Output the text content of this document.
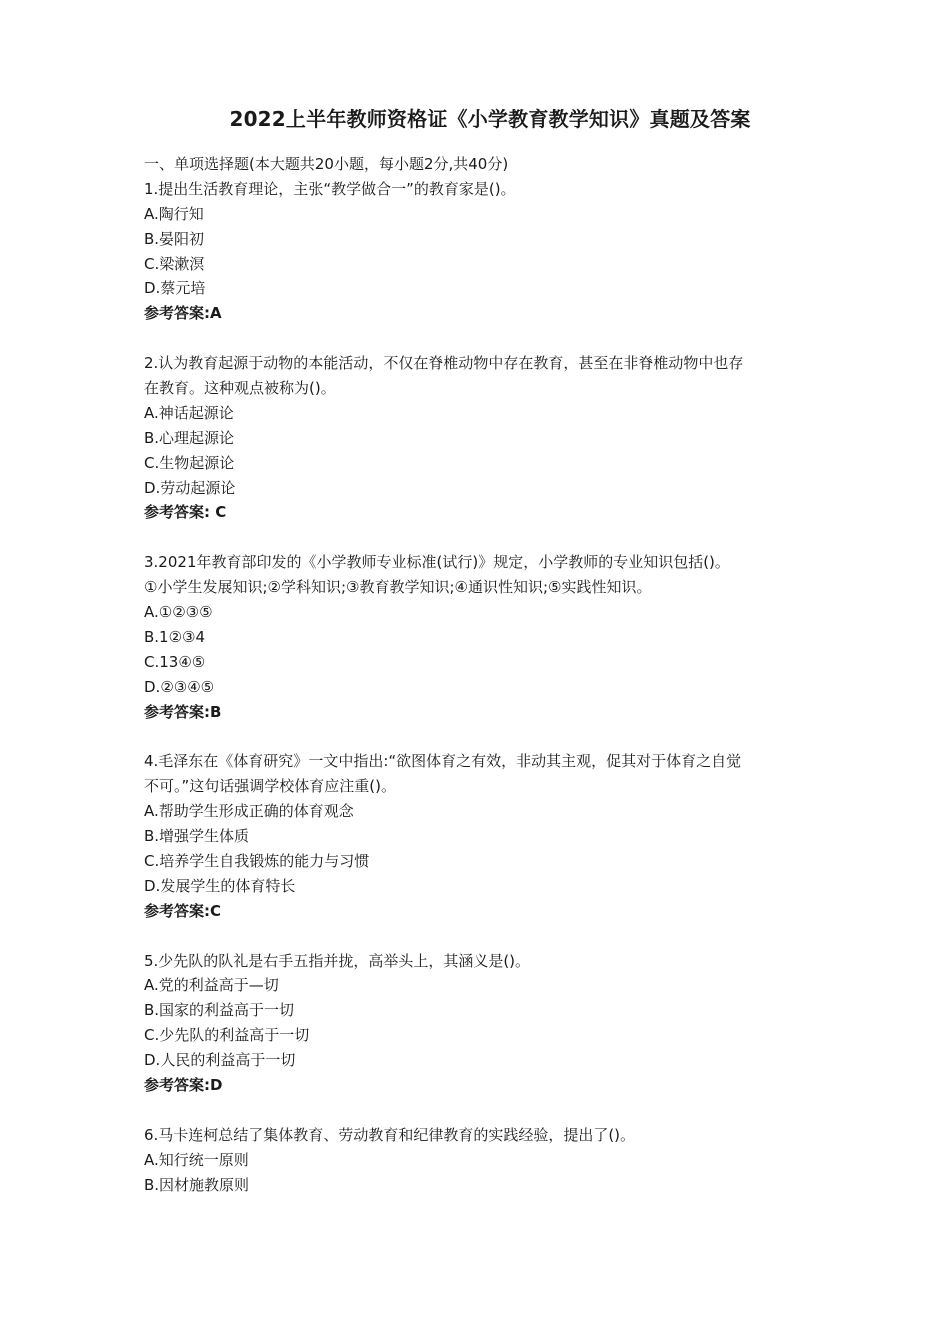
2022上半年教师资格证《小学教育教学知识》真题及答案
一、单项选择题(本大题共20小题，每小题2分,共40分)
1.提出生活教育理论，主张“教学做合一”的教育家是()。
A.陶行知
B.晏阳初
C.梁漱溟
D.蔡元培
参考答案:A
2.认为教育起源于动物的本能活动，不仅在脊椎动物中存在教育，甚至在非脊椎动物中也存
在教育。这种观点被称为()。
A.神话起源论
B.心理起源论
C.生物起源论
D.劳动起源论
参考答案: C
3.2021年教育部印发的《小学教师专业标准(试行)》规定，小学教师的专业知识包括()。
①小学生发展知识;②学科知识;③教育教学知识;④通识性知识;⑤实践性知识。
A.①②③⑤
B.1②③4
C.13④⑤
D.②③④⑤
参考答案:B
4.毛泽东在《体育研究》一文中指出:“欲图体育之有效，非动其主观，促其对于体育之自觉
不可。”这句话强调学校体育应注重()。
A.帮助学生形成正确的体育观念
B.增强学生体质
C.培养学生自我锻炼的能力与习惯
D.发展学生的体育特长
参考答案:C
5.少先队的队礼是右手五指并拢，高举头上，其涵义是()。
A.党的利益高于—切
B.国家的利益高于一切
C.少先队的利益高于一切
D.人民的利益高于一切
参考答案:D
6.马卡连柯总结了集体教育、劳动教育和纪律教育的实践经验，提出了()。
A.知行统一原则
B.因材施教原则
